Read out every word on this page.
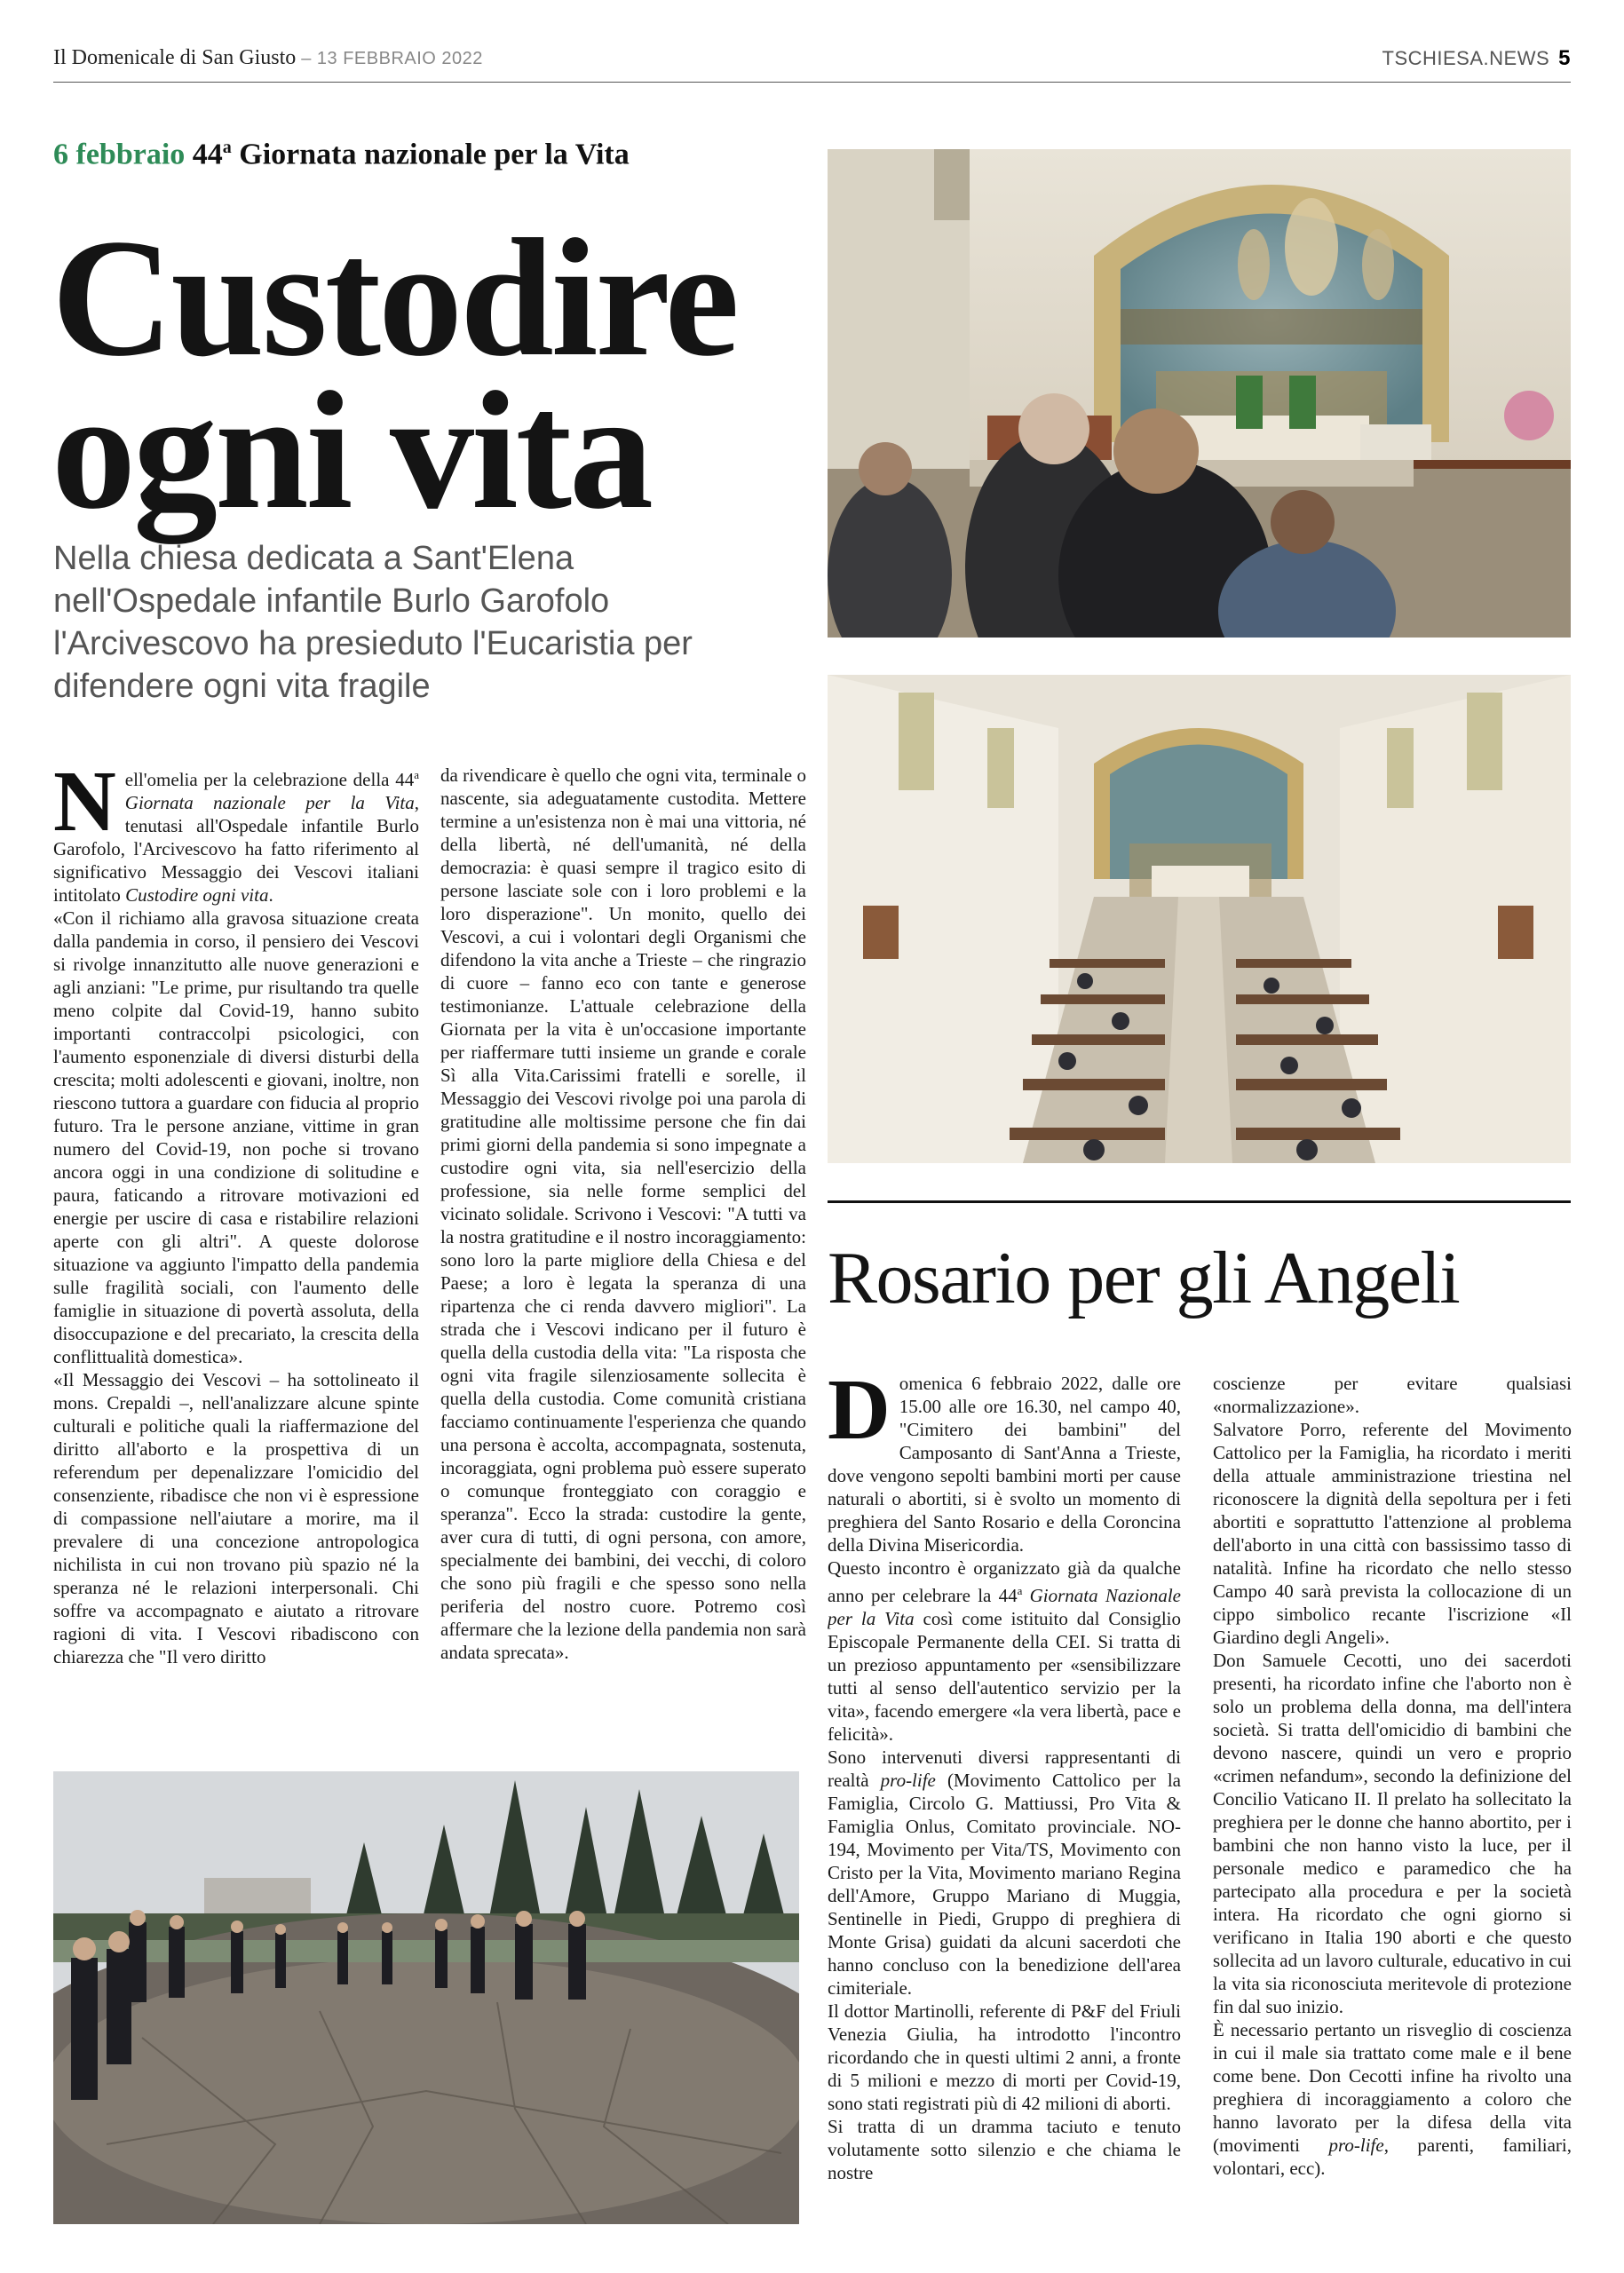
Il Domenicale di San Giusto – 13 FEBBRAIO 2022	TSCHIESA.NEWS 5
6 febbraio 44$^a$ Giornata nazionale per la Vita
Custodire
ogni vita
Nella chiesa dedicata a Sant'Elena nell'Ospedale infantile Burlo Garofolo l'Arcivescovo ha presieduto l'Eucaristia per difendere ogni vita fragile

Nell'omelia per la celebrazione della 44$^a$ Giornata nazionale per la Vita, tenutasi all'Ospedale infantile Burlo Garofolo, l'Arcivescovo ha fatto riferimento al significativo Messaggio dei Vescovi italiani intitolato Custodire ogni vita.

«Con il richiamo alla gravosa situazione creata dalla pandemia in corso, il pensiero dei Vescovi si rivolge innanzitutto alle nuove generazioni e agli anziani: "Le prime, pur risultando tra quelle meno colpite dal Covid-19, hanno subito importanti contraccolpi psicologici, con l'aumento esponenziale di diversi disturbi della crescita; molti adolescenti e giovani, inoltre, non riescono tuttora a guardare con fiducia al proprio futuro. Tra le persone anziane, vittime in gran numero del Covid-19, non poche si trovano ancora oggi in una condizione di solitudine e paura, faticando a ritrovare motivazioni ed energie per uscire di casa e ristabilire relazioni aperte con gli altri". A queste dolorose situazione va aggiunto l'impatto della pandemia sulle fragilità sociali, con l'aumento delle famiglie in situazione di povertà assoluta, della disoccupazione e del precariato, la crescita della conflittualità domestica».

«Il Messaggio dei Vescovi – ha sottolineato il mons. Crepaldi –, nell'analizzare alcune spinte culturali e politiche quali la riaffermazione del diritto all'aborto e la prospettiva di un referendum per depenalizzare l'omicidio del consenziente, ribadisce che non vi è espressione di compassione nell'aiutare a morire, ma il prevalere di una concezione antropologica nichilista in cui non trovano più spazio né la speranza né le relazioni interpersonali. Chi soffre va accompagnato e aiutato a ritrovare ragioni di vita. I Vescovi ribadiscono con chiarezza che "Il vero diritto

da rivendicare è quello che ogni vita, terminale o nascente, sia adeguatamente custodita. Mettere termine a un'esistenza non è mai una vittoria, né della libertà, né dell'umanità, né della democrazia: è quasi sempre il tragico esito di persone lasciate sole con i loro problemi e la loro disperazione". Un monito, quello dei Vescovi, a cui i volontari degli Organismi che difendono la vita anche a Trieste – che ringrazio di cuore – fanno eco con tante e generose testimonianze. L'attuale celebrazione della Giornata per la vita è un'occasione importante per riaffermare tutti insieme un grande e corale Sì alla Vita.Carissimi fratelli e sorelle, il Messaggio dei Vescovi rivolge poi una parola di gratitudine alle moltissime persone che fin dai primi giorni della pandemia si sono impegnate a custodire ogni vita, sia nell'esercizio della professione, sia nelle forme semplici del vicinato solidale. Scrivono i Vescovi: "A tutti va la nostra gratitudine e il nostro incoraggiamento: sono loro la parte migliore della Chiesa e del Paese; a loro è legata la speranza di una ripartenza che ci renda davvero migliori". La strada che i Vescovi indicano per il futuro è quella della custodia della vita: "La risposta che ogni vita fragile silenziosamente sollecita è quella della custodia. Come comunità cristiana facciamo continuamente l'esperienza che quando una persona è accolta, accompagnata, sostenuta, incoraggiata, ogni problema può essere superato o comunque fronteggiato con coraggio e speranza". Ecco la strada: custodire la gente, aver cura di tutti, di ogni persona, con amore, specialmente dei bambini, dei vecchi, di coloro che sono più fragili e che spesso sono nella periferia del nostro cuore. Potremo così affermare che la lezione della pandemia non sarà andata sprecata».

Rosario per gli Angeli

Domenica 6 febbraio 2022, dalle ore 15.00 alle ore 16.30, nel campo 40, "Cimitero dei bambini" del Camposanto di Sant'Anna a Trieste, dove vengono sepolti bambini morti per cause naturali o abortiti, si è svolto un momento di preghiera del Santo Rosario e della Coroncina della Divina Misericordia.

Questo incontro è organizzato già da qualche anno per celebrare la 44$^a$ Giornata Nazionale per la Vita così come istituito dal Consiglio Episcopale Permanente della CEI. Si tratta di un prezioso appuntamento per «sensibilizzare tutti al senso dell'autentico servizio per la vita», facendo emergere «la vera libertà, pace e felicità».

Sono intervenuti diversi rappresentanti di realtà pro-life (Movimento Cattolico per la Famiglia, Circolo G. Mattiussi, Pro Vita & Famiglia Onlus, Comitato provinciale. NO-194, Movimento per Vita/TS, Movimento con Cristo per la Vita, Movimento mariano Regina dell'Amore, Gruppo Mariano di Muggia, Sentinelle in Piedi, Gruppo di preghiera di Monte Grisa) guidati da alcuni sacerdoti che hanno concluso con la benedizione dell'area cimiteriale.

Il dottor Martinolli, referente di P&F del Friuli Venezia Giulia, ha introdotto l'incontro ricordando che in questi ultimi 2 anni, a fronte di 5 milioni e mezzo di morti per Covid-19, sono stati registrati più di 42 milioni di aborti.

Si tratta di un dramma taciuto e tenuto volutamente sotto silenzio e che chiama le nostre

coscienze per evitare qualsiasi «normalizzazione».

Salvatore Porro, referente del Movimento Cattolico per la Famiglia, ha ricordato i meriti della attuale amministrazione triestina nel riconoscere la dignità della sepoltura per i feti abortiti e soprattutto l'attenzione al problema dell'aborto in una città con bassissimo tasso di natalità. Infine ha ricordato che nello stesso Campo 40 sarà prevista la collocazione di un cippo simbolico recante l'iscrizione «Il Giardino degli Angeli».

Don Samuele Cecotti, uno dei sacerdoti presenti, ha ricordato infine che l'aborto non è solo un problema della donna, ma dell'intera società. Si tratta dell'omicidio di bambini che devono nascere, quindi un vero e proprio «crimen nefandum», secondo la definizione del Concilio Vaticano II. Il prelato ha sollecitato la preghiera per le donne che hanno abortito, per i bambini che non hanno visto la luce, per il personale medico e paramedico che ha partecipato alla procedura e per la società intera. Ha ricordato che ogni giorno si verificano in Italia 190 aborti e che questo sollecita ad un lavoro culturale, educativo in cui la vita sia riconosciuta meritevole di protezione fin dal suo inizio.

È necessario pertanto un risveglio di coscienza in cui il male sia trattato come male e il bene come bene. Don Cecotti infine ha rivolto una preghiera di incoraggiamento a coloro che hanno lavorato per la difesa della vita (movimenti pro-life, parenti, familiari, volontari, ecc).
